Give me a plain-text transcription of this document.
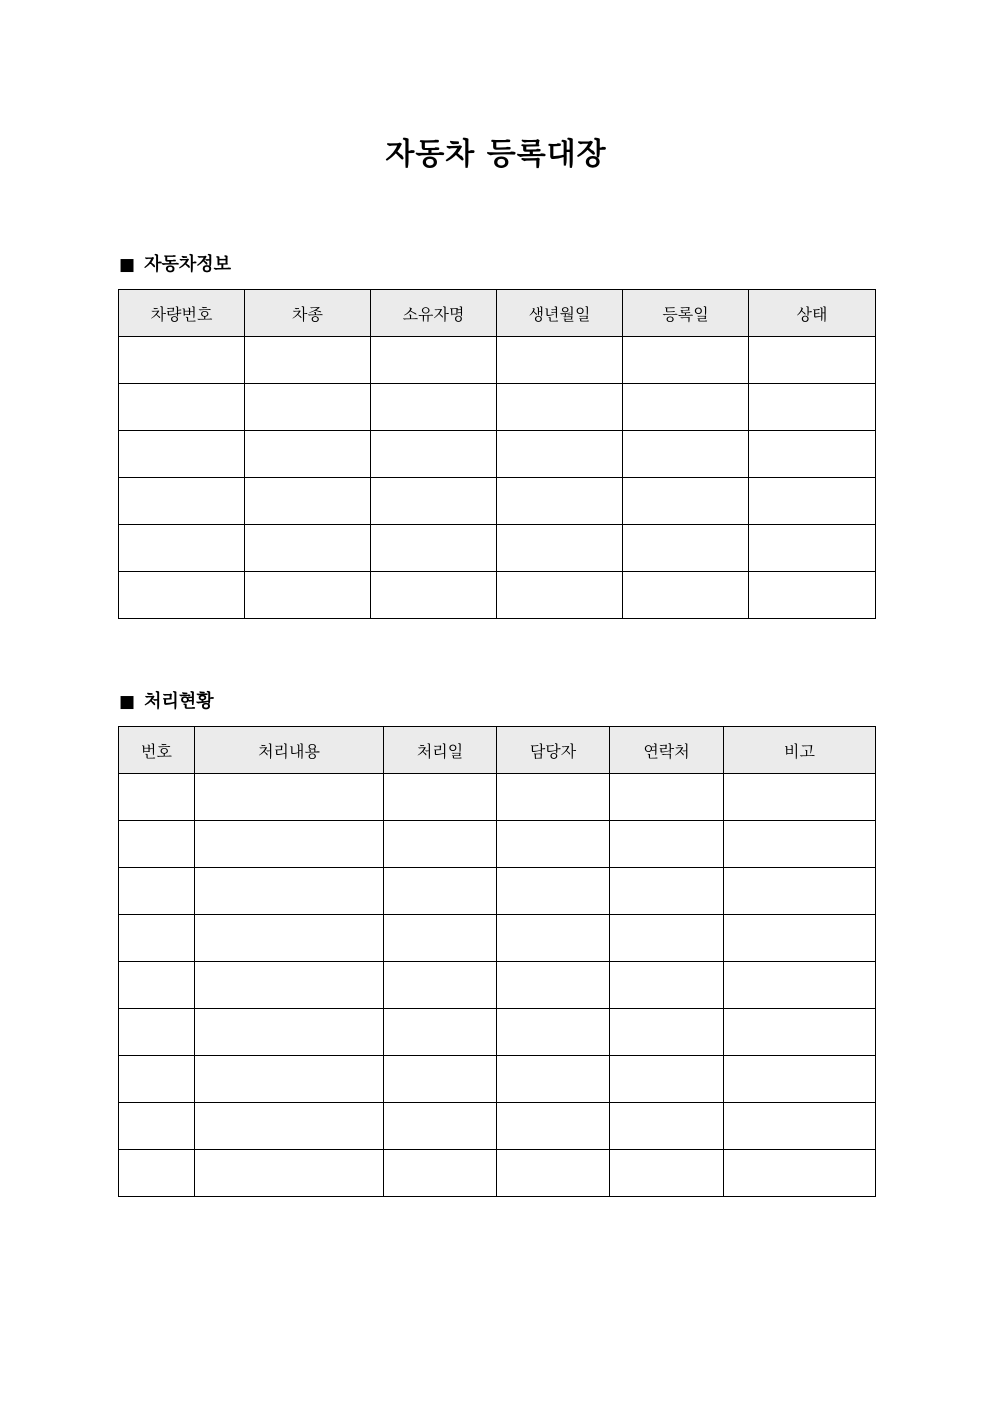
자동차 등록대장
■ 자동차정보
차량번호	차종	소유자명	생년월일	등록일	상태

■ 처리현황
번호	처리내용	처리일	담당자	연락처	비고
